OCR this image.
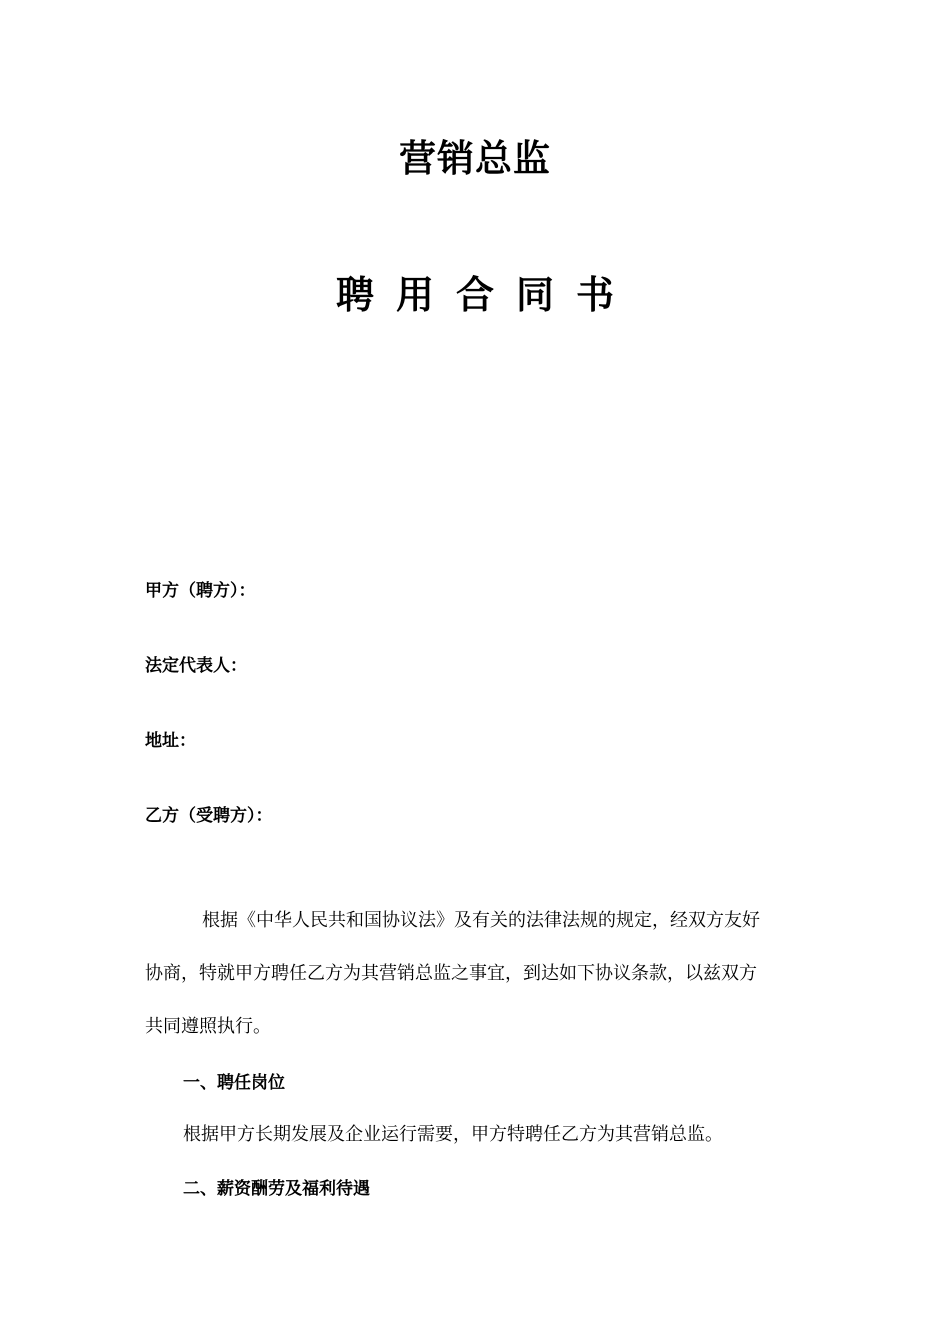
营销总监
聘用合同书
甲方（聘方）：
法定代表人：
地址：
乙方（受聘方）：
根据《中华人民共和国协议法》及有关的法律法规的规定，经双方友好
协商，特就甲方聘任乙方为其营销总监之事宜，到达如下协议条款，以兹双方
共同遵照执行。
一、聘任岗位
根据甲方长期发展及企业运行需要，甲方特聘任乙方为其营销总监。
二、薪资酬劳及福利待遇
